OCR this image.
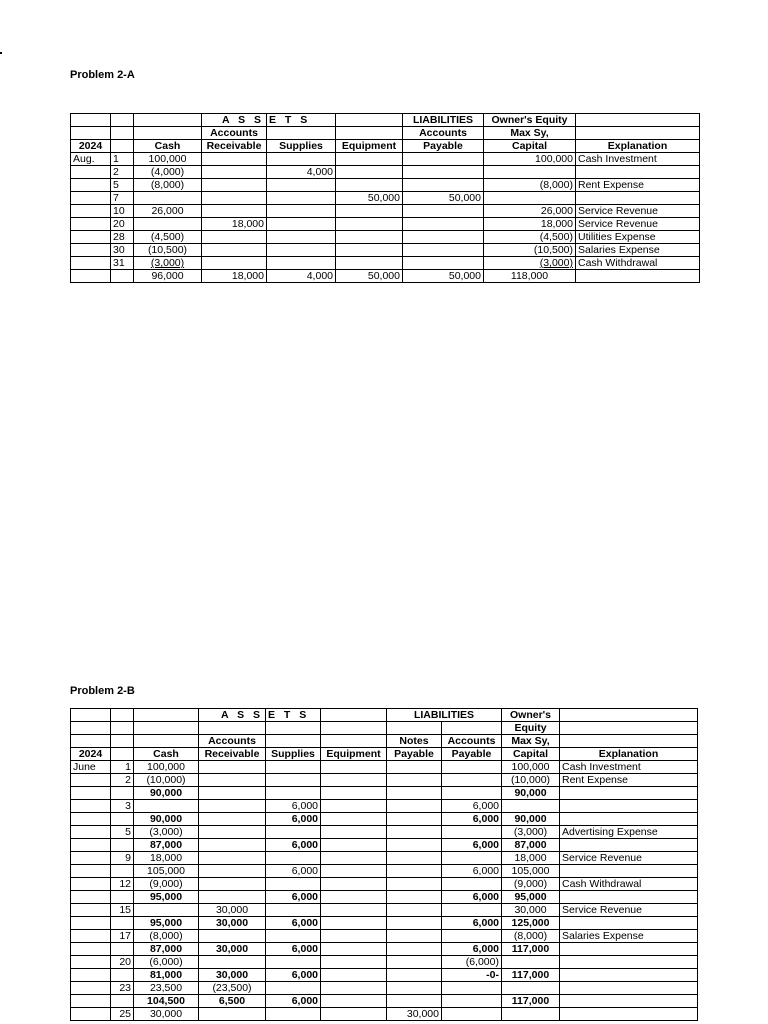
Problem 2-A
			A S S	E T S		LIABILITIES	Owner's Equity	
			Accounts			Accounts	Max Sy,	
2024		Cash	Receivable	Supplies	Equipment	Payable	Capital	Explanation
Aug.	1	100,000					100,000	Cash Investment
	2	(4,000)		4,000				
	5	(8,000)					(8,000)	Rent Expense
	7				50,000	50,000		
	10	26,000					26,000	Service Revenue
	20		18,000				18,000	Service Revenue
	28	(4,500)					(4,500)	Utilities Expense
	30	(10,500)					(10,500)	Salaries Expense
	31	(3,000)					(3,000)	Cash Withdrawal
		96,000	18,000	4,000	50,000	50,000	118,000	
Problem 2-B
			A S S	E T S		LIABILITIES		Owner's	
								Equity	
			Accounts			Notes	Accounts	Max Sy,	
2024		Cash	Receivable	Supplies	Equipment	Payable	Payable	Capital	Explanation
June	1	100,000						100,000	Cash Investment
	2	(10,000)						(10,000)	Rent Expense
		90,000						90,000	
	3			6,000			6,000		
		90,000		6,000			6,000	90,000	
	5	(3,000)						(3,000)	Advertising Expense
		87,000		6,000			6,000	87,000	
	9	18,000						18,000	Service Revenue
		105,000		6,000			6,000	105,000	
	12	(9,000)						(9,000)	Cash Withdrawal
		95,000		6,000			6,000	95,000	
	15		30,000					30,000	Service Revenue
		95,000	30,000	6,000			6,000	125,000	
	17	(8,000)						(8,000)	Salaries Expense
		87,000	30,000	6,000			6,000	117,000	
	20	(6,000)					(6,000)		
		81,000	30,000	6,000			-0-	117,000	
	23	23,500	(23,500)						
		104,500	6,500	6,000				117,000	
	25	30,000				30,000			
